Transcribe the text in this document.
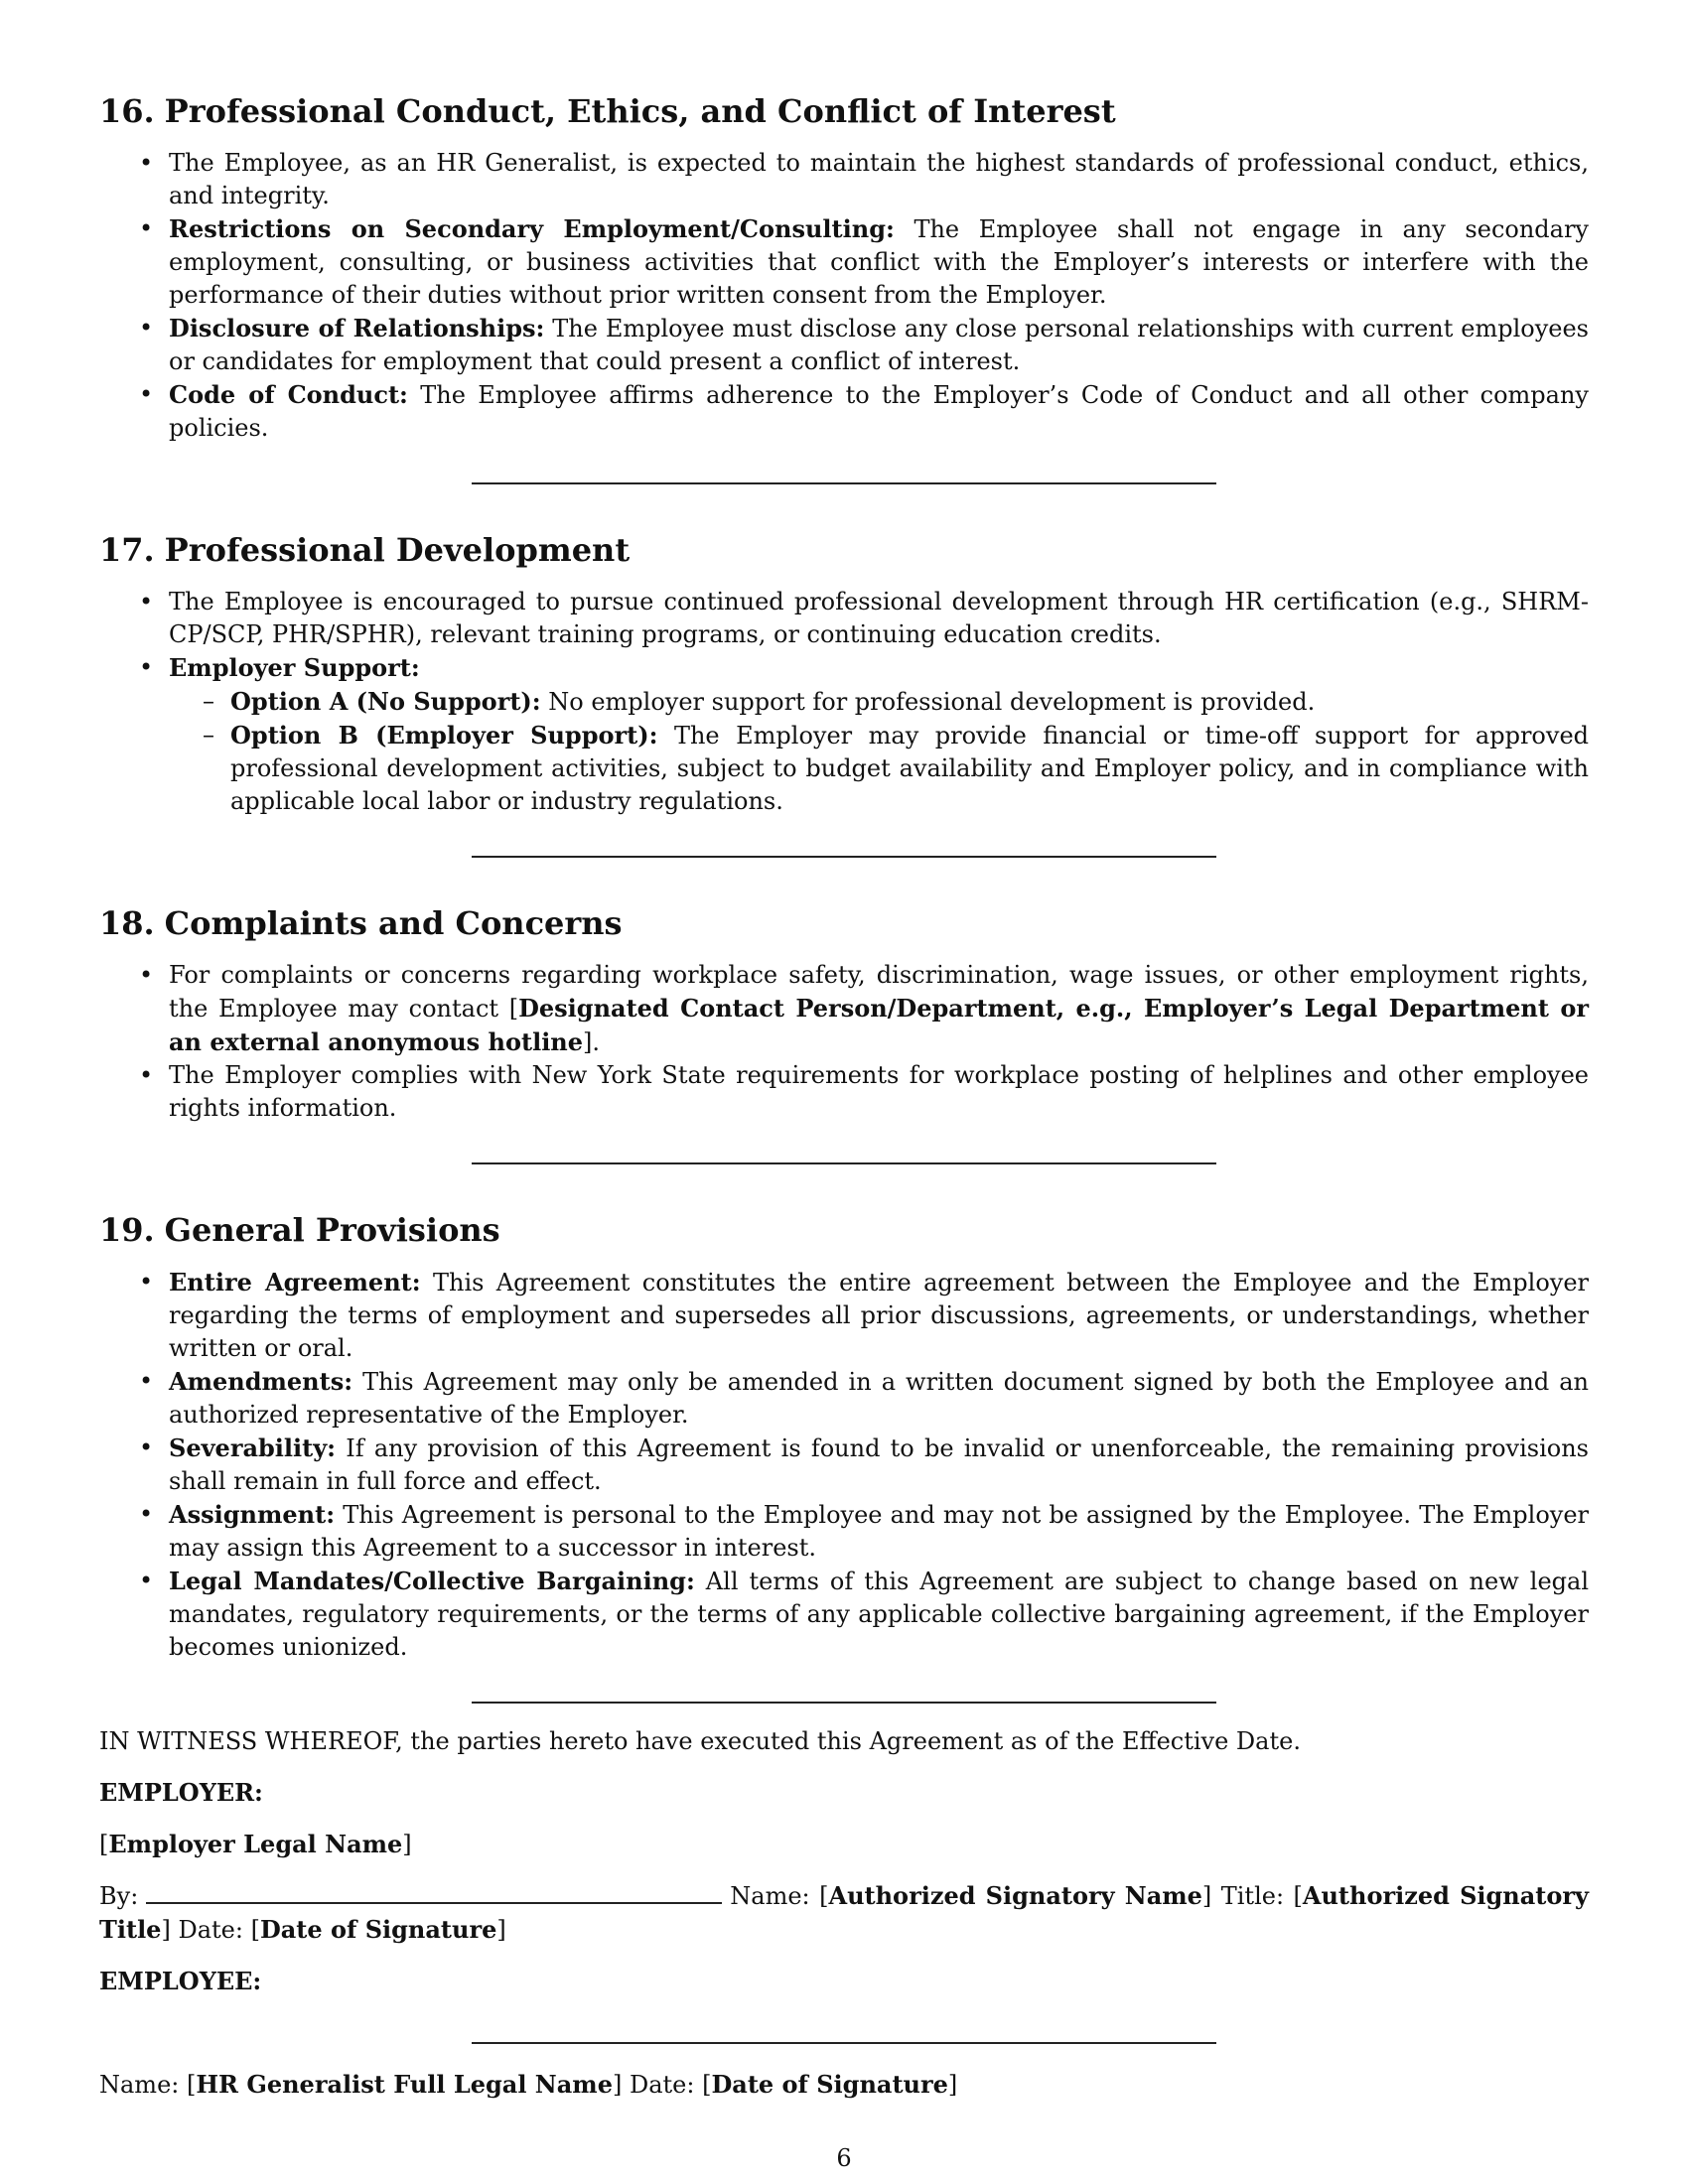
16. Professional Conduct, Ethics, and Conflict of Interest
• The Employee, as an HR Generalist, is expected to maintain the highest standards of professional conduct, ethics, and integrity.
• Restrictions on Secondary Employment/Consulting: The Employee shall not engage in any secondary employment, consulting, or business activities that conflict with the Employer’s interests or interfere with the performance of their duties without prior written consent from the Employer.
• Disclosure of Relationships: The Employee must disclose any close personal relationships with current employees or candidates for employment that could present a conflict of interest.
• Code of Conduct: The Employee affirms adherence to the Employer’s Code of Conduct and all other company policies.
17. Professional Development
• The Employee is encouraged to pursue continued professional development through HR certification (e.g., SHRM-CP/SCP, PHR/SPHR), relevant training programs, or continuing education credits.
• Employer Support:
– Option A (No Support): No employer support for professional development is provided.
– Option B (Employer Support): The Employer may provide financial or time-off support for approved professional development activities, subject to budget availability and Employer policy, and in compliance with applicable local labor or industry regulations.
18. Complaints and Concerns
• For complaints or concerns regarding workplace safety, discrimination, wage issues, or other employment rights, the Employee may contact [Designated Contact Person/Department, e.g., Employer’s Legal Department or an external anonymous hotline].
• The Employer complies with New York State requirements for workplace posting of helplines and other employee rights information.
19. General Provisions
• Entire Agreement: This Agreement constitutes the entire agreement between the Employee and the Employer regarding the terms of employment and supersedes all prior discussions, agreements, or understandings, whether written or oral.
• Amendments: This Agreement may only be amended in a written document signed by both the Employee and an authorized representative of the Employer.
• Severability: If any provision of this Agreement is found to be invalid or unenforceable, the remaining provisions shall remain in full force and effect.
• Assignment: This Agreement is personal to the Employee and may not be assigned by the Employee. The Employer may assign this Agreement to a successor in interest.
• Legal Mandates/Collective Bargaining: All terms of this Agreement are subject to change based on new legal mandates, regulatory requirements, or the terms of any applicable collective bargaining agreement, if the Employer becomes unionized.

IN WITNESS WHEREOF, the parties hereto have executed this Agreement as of the Effective Date.

EMPLOYER:

[Employer Legal Name]

By:	Name: [Authorized Signatory Name] Title: [Authorized Signatory Title] Date: [Date of Signature]

EMPLOYEE:

Name: [HR Generalist Full Legal Name] Date: [Date of Signature]

6
